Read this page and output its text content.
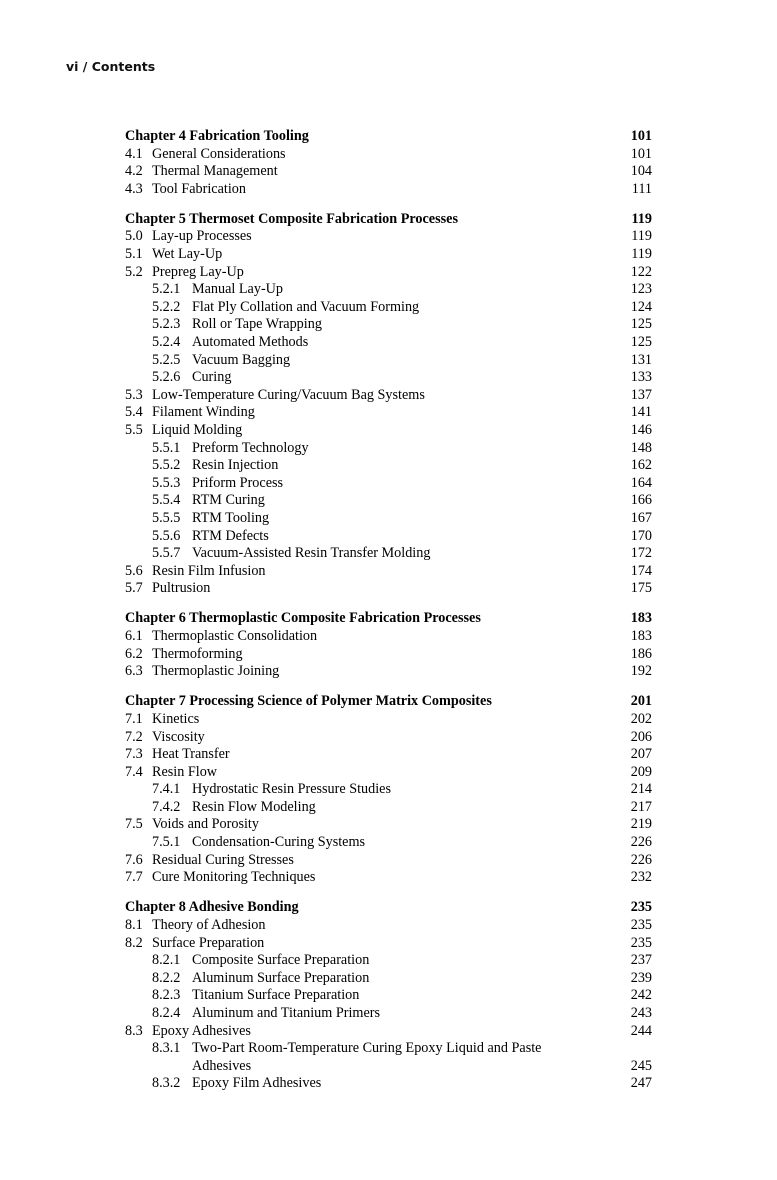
vi / Contents
Chapter 4 Fabrication Tooling	101
4.1 General Considerations	101
4.2 Thermal Management	104
4.3 Tool Fabrication	111
Chapter 5 Thermoset Composite Fabrication Processes	119
5.0 Lay-up Processes	119
5.1 Wet Lay-Up	119
5.2 Prepreg Lay-Up	122
5.2.1 Manual Lay-Up	123
5.2.2 Flat Ply Collation and Vacuum Forming	124
5.2.3 Roll or Tape Wrapping	125
5.2.4 Automated Methods	125
5.2.5 Vacuum Bagging	131
5.2.6 Curing	133
5.3 Low-Temperature Curing/Vacuum Bag Systems	137
5.4 Filament Winding	141
5.5 Liquid Molding	146
5.5.1 Preform Technology	148
5.5.2 Resin Injection	162
5.5.3 Priform Process	164
5.5.4 RTM Curing	166
5.5.5 RTM Tooling	167
5.5.6 RTM Defects	170
5.5.7 Vacuum-Assisted Resin Transfer Molding	172
5.6 Resin Film Infusion	174
5.7 Pultrusion	175
Chapter 6 Thermoplastic Composite Fabrication Processes	183
6.1 Thermoplastic Consolidation	183
6.2 Thermoforming	186
6.3 Thermoplastic Joining	192
Chapter 7 Processing Science of Polymer Matrix Composites	201
7.1 Kinetics	202
7.2 Viscosity	206
7.3 Heat Transfer	207
7.4 Resin Flow	209
7.4.1 Hydrostatic Resin Pressure Studies	214
7.4.2 Resin Flow Modeling	217
7.5 Voids and Porosity	219
7.5.1 Condensation-Curing Systems	226
7.6 Residual Curing Stresses	226
7.7 Cure Monitoring Techniques	232
Chapter 8 Adhesive Bonding	235
8.1 Theory of Adhesion	235
8.2 Surface Preparation	235
8.2.1 Composite Surface Preparation	237
8.2.2 Aluminum Surface Preparation	239
8.2.3 Titanium Surface Preparation	242
8.2.4 Aluminum and Titanium Primers	243
8.3 Epoxy Adhesives	244
8.3.1 Two-Part Room-Temperature Curing Epoxy Liquid and Paste
Adhesives	245
8.3.2 Epoxy Film Adhesives	247
